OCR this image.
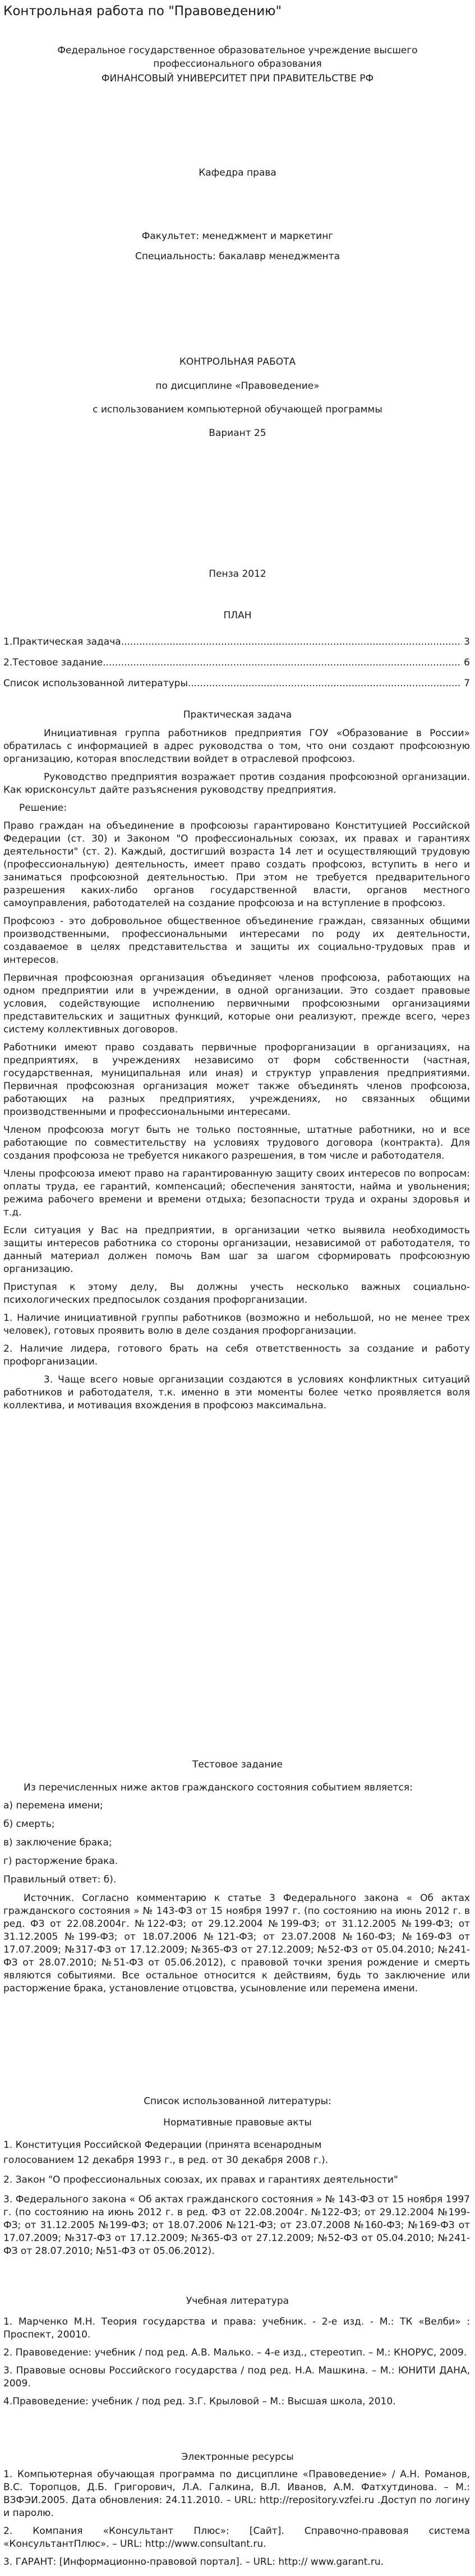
Контрольная работа по "Правоведению"
Федеральное государственное образовательное учреждение высшего
профессионального образования
ФИНАНСОВЫЙ УНИВЕРСИТЕТ ПРИ ПРАВИТЕЛЬСТВЕ РФ
Кафедра права
Факультет: менеджмент и маркетинг
Специальность: бакалавр менеджмента
КОНТРОЛЬНАЯ РАБОТА
по дисциплине «Правоведение»
с использованием компьютерной обучающей программы
Вариант 25
Пенза 2012
ПЛАН
1.Практическая задача .....	3
2.Тестовое задание .....	6
Список использованной литературы .....	7
Практическая задача

Инициативная группа работников предприятия ГОУ «Образование в России» обратилась с информацией в адрес руководства о том, что они создают профсоюзную организацию, которая впоследствии войдет в отраслевой профсоюз.

Руководство предприятия возражает против создания профсоюзной организации. Как юрисконсульт дайте разъяснения руководству предприятия.

Решение:

Право граждан на объединение в профсоюзы гарантировано Конституцией Российской Федерации (ст. 30) и Законом "О профессиональных союзах, их правах и гарантиях деятельности" (ст. 2). Каждый, достигший возраста 14 лет и осуществляющий трудовую (профессиональную) деятельность, имеет право создать профсоюз, вступить в него и заниматься профсоюзной деятельностью. При этом не требуется предварительного разрешения каких-либо органов государственной власти, органов местного самоуправления, работодателей на создание профсоюза и на вступление в профсоюз.

Профсоюз - это добровольное общественное объединение граждан, связанных общими производственными, профессиональными интересами по роду их деятельности, создаваемое в целях представительства и защиты их социально-трудовых прав и интересов.

Первичная профсоюзная организация объединяет членов профсоюза, работающих на одном предприятии или в учреждении, в одной организации. Это создает правовые условия, содействующие исполнению первичными профсоюзными организациями представительских и защитных функций, которые они реализуют, прежде всего, через систему коллективных договоров.

Работники имеют право создавать первичные профорганизации в организациях, на предприятиях, в учреждениях независимо от форм собственности (частная, государственная, муниципальная или иная) и структур управления предприятиями. Первичная профсоюзная организация может также объединять членов профсоюза, работающих на разных предприятиях, учреждениях, но связанных общими производственными и профессиональными интересами.

Членом профсоюза могут быть не только постоянные, штатные работники, но и все работающие по совместительству на условиях трудового договора (контракта). Для создания профсоюза не требуется никакого разрешения, в том числе и работодателя.

Члены профсоюза имеют право на гарантированную защиту своих интересов по вопросам: оплаты труда, ее гарантий, компенсаций; обеспечения занятости, найма и увольнения; режима рабочего времени и времени отдыха; безопасности труда и охраны здоровья и т.д.

Если ситуация у Вас на предприятии, в организации четко выявила необходимость защиты интересов работника со стороны организации, независимой от работодателя, то данный материал должен помочь Вам шаг за шагом сформировать профсоюзную организацию.

Приступая к этому делу, Вы должны учесть несколько важных социально-психологических предпосылок создания профорганизации.

1. Наличие инициативной группы работников (возможно и небольшой, но не менее трех человек), готовых проявить волю в деле создания профорганизации.

2. Наличие лидера, готового брать на себя ответственность за создание и работу профорганизации.

3. Чаще всего новые организации создаются в условиях конфликтных ситуаций работников и работодателя, т.к. именно в эти моменты более четко проявляется воля коллектива, и мотивация вхождения в профсоюз максимальна.

Тестовое задание

Из перечисленных ниже актов гражданского состояния событием является:

а) перемена имени;

б) смерть;

в) заключение брака;

г) расторжение брака.

Правильный ответ: б).

Источник. Согласно комментарию к статье 3 Федерального закона « Об актах гражданского состояния » № 143-ФЗ от 15 ноября 1997 г. (по состоянию на июнь 2012 г. в ред. ФЗ от 22.08.2004г. №122-ФЗ; от 29.12.2004 №199-ФЗ; от 31.12.2005 №199-ФЗ; от 31.12.2005 №199-ФЗ; от 18.07.2006 №121-ФЗ; от 23.07.2008 №160-ФЗ; №169-ФЗ от 17.07.2009; №317-ФЗ от 17.12.2009; №365-ФЗ от 27.12.2009; №52-ФЗ от 05.04.2010; №241-ФЗ от 28.07.2010; №51-ФЗ от 05.06.2012), с правовой точки зрения рождение и смерть являются событиями. Все остальное относится к действиям, будь то заключение или расторжение брака, установление отцовства, усыновление или перемена имени.

Список использованной литературы:
Нормативные правовые акты

1. Конституция Российской Федерации (принята всенародным

голосованием 12 декабря 1993 г., в ред. от 30 декабря 2008 г.).

2. Закон "О профессиональных союзах, их правах и гарантиях деятельности"

3. Федерального закона « Об актах гражданского состояния » № 143-ФЗ от 15 ноября 1997 г. (по состоянию на июнь 2012 г. в ред. ФЗ от 22.08.2004г. №122-ФЗ; от 29.12.2004 №199-ФЗ; от 31.12.2005 №199-ФЗ; от 18.07.2006 №121-ФЗ; от 23.07.2008 №160-ФЗ; №169-ФЗ от 17.07.2009; №317-ФЗ от 17.12.2009; №365-ФЗ от 27.12.2009; №52-ФЗ от 05.04.2010; №241-ФЗ от 28.07.2010; №51-ФЗ от 05.06.2012).

Учебная литература

1. Марченко М.Н. Теория государства и права: учебник. - 2-е изд. - М.: ТК «Велби» : Проспект, 20010.

2. Правоведение: учебник / под ред. А.В. Малько. – 4-е изд., стереотип. – М.: КНОРУС, 2009.

3. Правовые основы Российского государства / под ред. Н.А. Машкина. – М.: ЮНИТИ ДАНА, 2009.

4.Правоведение: учебник / под ред. З.Г. Крыловой – М.: Высшая школа, 2010.

Электронные ресурсы

1. Компьютерная обучающая программа по дисциплине «Правоведение» / А.Н. Романов, В.С. Торопцов, Д.Б. Григорович, Л.А. Галкина, В.Л. Иванов, А.М. Фатхутдинова. – М.: ВЗФЭИ.2005. Дата обновления: 24.11.2010. – URL: http://repository.vzfei.ru .Доступ по логину и паролю.

2. Компания «Консультант Плюс»: [Сайт]. Справочно-правовая система «КонсультантПлюс». – URL: http://www.consultant.ru.

3. ГАРАНТ: [Информационно-правовой портал]. – URL: http:// www.garant.ru.
